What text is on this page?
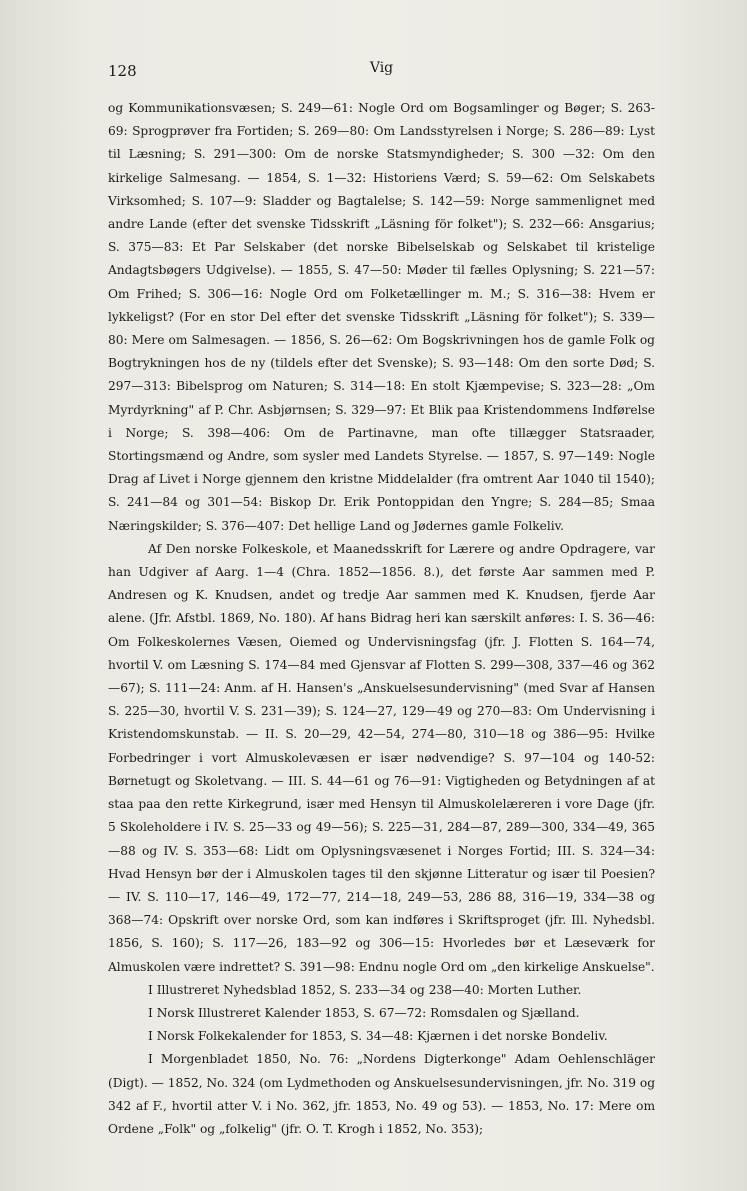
128	Vig

og Kommunikationsvæsen; S. 249—61: Nogle Ord om Bogsamlinger og Bøger; S. 263-69: Sprogprøver fra Fortiden; S. 269—80: Om Landsstyrelsen i Norge; S. 286—89: Lyst til Læsning; S. 291—300: Om de norske Statsmyndigheder; S. 300 —32: Om den kirkelige Salmesang. — 1854, S. 1—32: Historiens Værd; S. 59—62: Om Selskabets Virksomhed; S. 107—9: Sladder og Bagtalelse; S. 142—59: Norge sammenlignet med andre Lande (efter det svenske Tidsskrift „Läsning för folket"); S. 232—66: Ansgarius; S. 375—83: Et Par Selskaber (det norske Bibelselskab og Selskabet til kristelige Andagtsbøgers Udgivelse). — 1855, S. 47—50: Møder til fælles Oplysning; S. 221—57: Om Frihed; S. 306—16: Nogle Ord om Folketællinger m. M.; S. 316—38: Hvem er lykkeligst? (For en stor Del efter det svenske Tidsskrift „Läsning för folket"); S. 339—80: Mere om Salmesagen. — 1856, S. 26—62: Om Bogskrivningen hos de gamle Folk og Bogtrykningen hos de ny (tildels efter det Svenske); S. 93—148: Om den sorte Død; S. 297—313: Bibelsprog om Naturen; S. 314—18: En stolt Kjæmpevise; S. 323—28: „Om Myrdyrkning" af P. Chr. Asbjørnsen; S. 329—97: Et Blik paa Kristendommens Indførelse i Norge; S. 398—406: Om de Partinavne, man ofte tillægger Statsraader, Stortingsmænd og Andre, som sysler med Landets Styrelse. — 1857, S. 97—149: Nogle Drag af Livet i Norge gjennem den kristne Middelalder (fra omtrent Aar 1040 til 1540); S. 241—84 og 301—54: Biskop Dr. Erik Pontoppidan den Yngre; S. 284—85; Smaa Næringskilder; S. 376—407: Det hellige Land og Jødernes gamle Folkeliv.

Af Den norske Folkeskole, et Maanedsskrift for Lærere og andre Opdragere, var han Udgiver af Aarg. 1—4 (Chra. 1852—1856. 8.), det første Aar sammen med P. Andresen og K. Knudsen, andet og tredje Aar sammen med K. Knudsen, fjerde Aar alene. (Jfr. Afstbl. 1869, No. 180). Af hans Bidrag heri kan særskilt anføres: I. S. 36—46: Om Folkeskolernes Væsen, Oiemed og Undervisningsfag (jfr. J. Flotten S. 164—74, hvortil V. om Læsning S. 174—84 med Gjensvar af Flotten S. 299—308, 337—46 og 362—67); S. 111—24: Anm. af H. Hansen's „Anskuelsesundervisning" (med Svar af Hansen S. 225—30, hvortil V. S. 231—39); S. 124—27, 129—49 og 270—83: Om Undervisning i Kristendomskunstab. — II. S. 20—29, 42—54, 274—80, 310—18 og 386—95: Hvilke Forbedringer i vort Almuskolevæsen er især nødvendige? S. 97—104 og 140-52: Børnetugt og Skoletvang. — III. S. 44—61 og 76—91: Vigtigheden og Betydningen af at staa paa den rette Kirkegrund, især med Hensyn til Almuskolelæreren i vore Dage (jfr. 5 Skoleholdere i IV. S. 25—33 og 49—56); S. 225—31, 284—87, 289—300, 334—49, 365—88 og IV. S. 353—68: Lidt om Oplysningsvæsenet i Norges Fortid; III. S. 324—34: Hvad Hensyn bør der i Almuskolen tages til den skjønne Litteratur og især til Poesien? — IV. S. 110—17, 146—49, 172—77, 214—18, 249—53, 286 88, 316—19, 334—38 og 368—74: Opskrift over norske Ord, som kan indføres i Skriftsproget (jfr. Ill. Nyhedsbl. 1856, S. 160); S. 117—26, 183—92 og 306—15: Hvorledes bør et Læseværk for Almuskolen være indrettet? S. 391—98: Endnu nogle Ord om „den kirkelige Anskuelse".

I Illustreret Nyhedsblad 1852, S. 233—34 og 238—40: Morten Luther.

I Norsk Illustreret Kalender 1853, S. 67—72: Romsdalen og Sjælland.

I Norsk Folkekalender for 1853, S. 34—48: Kjærnen i det norske Bondeliv.

I Morgenbladet 1850, No. 76: „Nordens Digterkonge" Adam Oehlenschläger (Digt). — 1852, No. 324 (om Lydmethoden og Anskuelsesundervisningen, jfr. No. 319 og 342 af F., hvortil atter V. i No. 362, jfr. 1853, No. 49 og 53). — 1853, No. 17: Mere om Ordene „Folk" og „folkelig" (jfr. O. T. Krogh i 1852, No. 353);
